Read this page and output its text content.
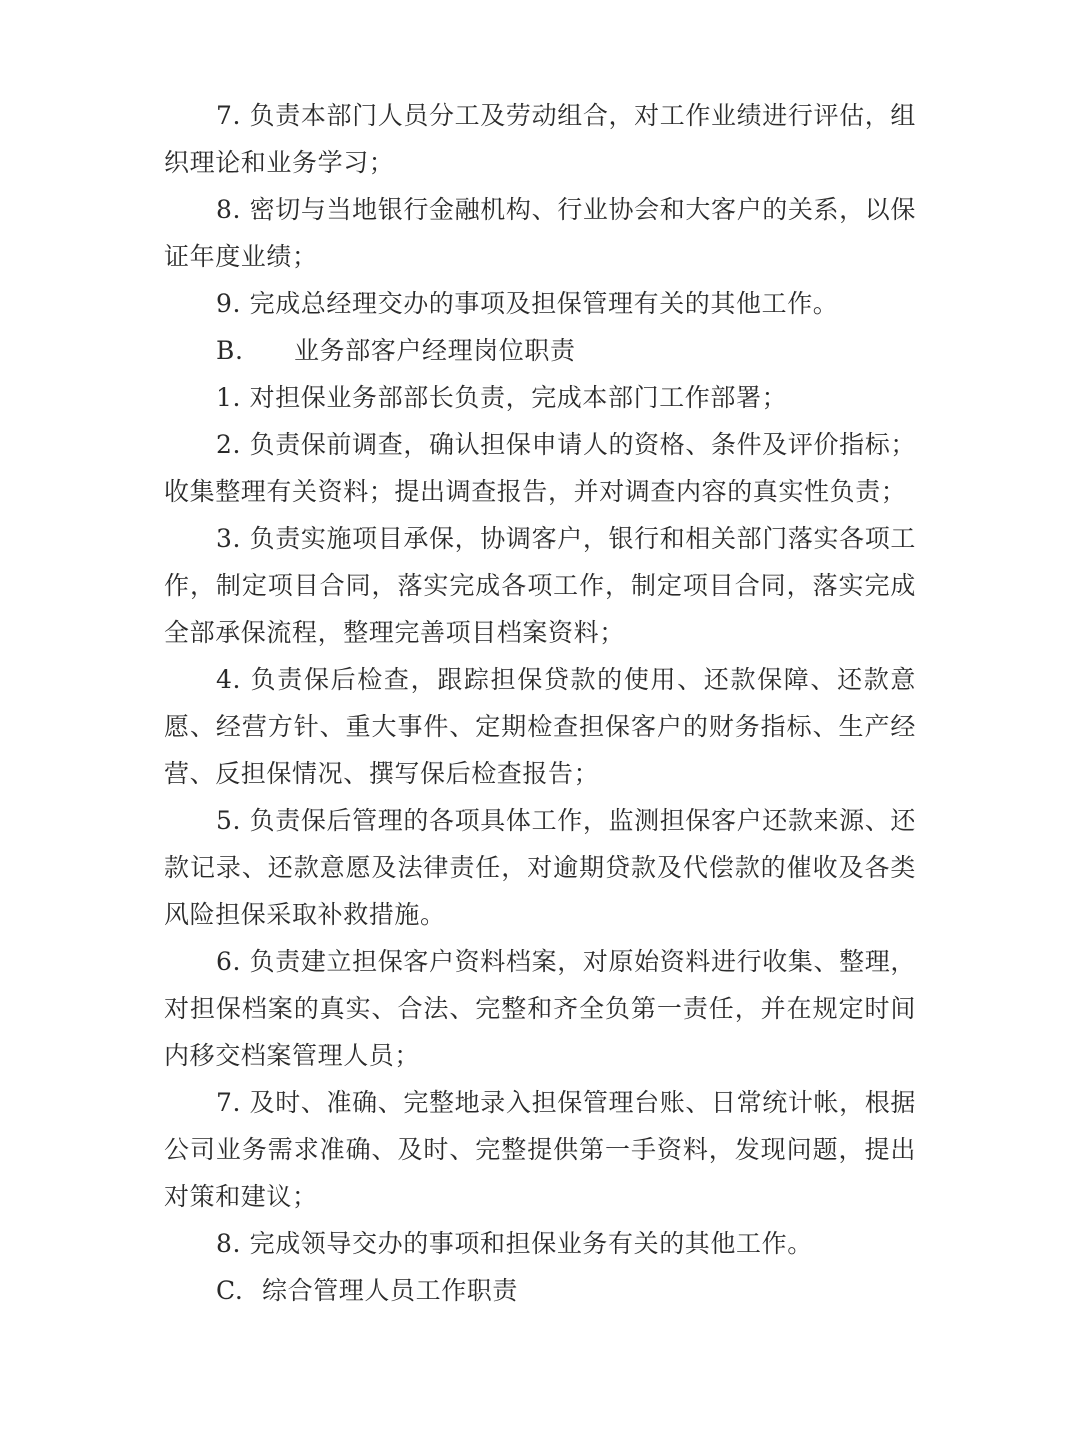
7. 负责本部门人员分工及劳动组合，对工作业绩进行评估，组织理论和业务学习；

8. 密切与当地银行金融机构、行业协会和大客户的关系，以保证年度业绩；

9. 完成总经理交办的事项及担保管理有关的其他工作。

B. 业务部客户经理岗位职责

1. 对担保业务部部长负责，完成本部门工作部署；

2. 负责保前调查，确认担保申请人的资格、条件及评价指标；收集整理有关资料；提出调查报告，并对调查内容的真实性负责；

3. 负责实施项目承保，协调客户，银行和相关部门落实各项工作，制定项目合同，落实完成各项工作，制定项目合同，落实完成全部承保流程，整理完善项目档案资料；

4. 负责保后检查，跟踪担保贷款的使用、还款保障、还款意愿、经营方针、重大事件、定期检查担保客户的财务指标、生产经营、反担保情况、撰写保后检查报告；

5. 负责保后管理的各项具体工作，监测担保客户还款来源、还款记录、还款意愿及法律责任，对逾期贷款及代偿款的催收及各类风险担保采取补救措施。

6. 负责建立担保客户资料档案，对原始资料进行收集、整理，对担保档案的真实、合法、完整和齐全负第一责任，并在规定时间内移交档案管理人员；

7. 及时、准确、完整地录入担保管理台账、日常统计帐，根据公司业务需求准确、及时、完整提供第一手资料，发现问题，提出对策和建议；

8. 完成领导交办的事项和担保业务有关的其他工作。

C. 综合管理人员工作职责
